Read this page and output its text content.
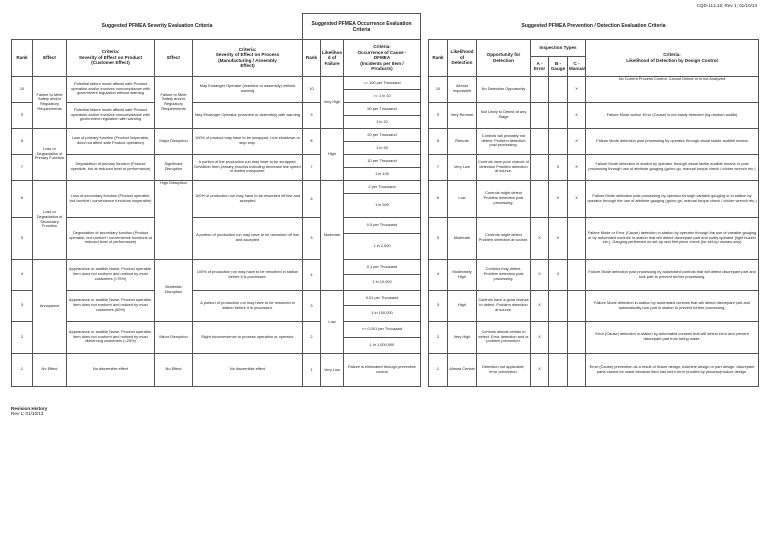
CQD-113.15; Rev 1; 01/10/13
Suggested PFMEA Severity Evaluation Criteria				
Rank	Effect	Criteria:
Severity of Effect on Product
(Customer Effect)	Effect	Criteria:
Severity of Effect on Process
(Manufacturing / Assembly
Effect)
10	Failure to Meet Safety and/or Regulatory Requirements	Potential failure mode affects safe Product operation and/or involves noncompliance with government regulation without warning	Failure to Meet Safety and/or Regulatory Requirements	May Endanger Operator (machine or assembly) without warning
9		Potential failure mode affects safe Product operation and/or involves noncompliance with government regulation with warning		May Endanger Operator (machine or assembly) with warning
8	Loss or Degradation of Primary Function	Loss of primary function (Product inoperable, does not affect safe Product operation)	Major Disruption	100% of product may have to be scrapped. Line shutdown or stop ship.
7		Degradation of primary function (Product operable, but at reduced level of performance)	Significant Disruption	A portion of the production run may have to be scrapped. Deviation from primary process including decrease line speed or added manpower.
6	Loss or Degradation of Secondary Function	Loss of secondary function (Product operable, but comfort / convenience functions inoperable)	High Disruption	100% of production run may have to be reworked off line and accepted
5		Degradation of secondary function (Product operable, but comfort / convenience functions at reduced level of performance)		A portion of production run may have to be reworked off line and accepted
4	Annoyance	Appearance or audible Noise, Product operable, item does not conform and noticed by most customers (>75%)	Moderate Disruption	100% of production run may have to be reworked in station before it is processed.
3		Appearance or audible Noise, Product operable, item does not conform and noticed by most customers (50%)		A portion of production run may have to be reworked in station before it is processed.
2		Appearance or audible Noise, Product operable, item does not conform and noticed by most discerning customers (<25%)	Minor Disruption	Slight inconvenience to process operation or operator.
1	No Effect	No discernible effect	No Effect	No discernible effect
Suggested PFMEA Occurrence Evaluation Criteria		
Rank	Likelihoo
d of
Failure	Criteria:
Occurrence of Cause -
DFMEA
(Incidents per Item /
Products)
10	Very High	>= 100 per Thousand
		>= 1 in 10
9		50 per Thousand
		1 in 20
8	High	20 per Thousand
		1 in 50
7		10 per Thousand
		1 in 100
6	Moderate	2 per Thousand
		1 in 500
5		0.5 per Thousand
		1 in 2,000
4		0.1 per Thousand
		1 in 10,000
3	Low	0.01 per Thousand
		1 in 100,000
2		<= 0.001 per Thousand
		1 in 1,000,000
1	Very Low	Failure is eliminated through preventive control
Suggested PFMEA Prevention / Detection Evaluation Criteria						
Rank	Likelihood
of
Detection	Opportunity for
Detection	Inspection Types			Criteria:
Likelihood of Detection by Design Control
			A -
Error	B -
Gauge	C -
Manual	
10	Almost Impossible	No Detection Opportunity			X	No Current Process Control; Cannot Detect or is not Analyzed
9	Very Remote	Not Likely to Detect at any Stage			X	Failure Mode and/or Error (Cause) is not easily detected (eg random audits)
8	Remote	Controls will probably not detect. Problem detection post processing.			X	Failure Mode detection post processing by operator through visual tactile audible means
7	Very Low	Controls have poor chance of detection Problem detection at source.		X	X	Failure Mode detection in-station by operator through visual tactile audible means or post processing through use of attribute gauging (go/no go, manual torque check / clicker wrench etc.)
6	Low	Controls might detect Problem detection post processing.		X	X	Failure Mode detection post processing by operator through variable gauging or in-station by operator through the use of attribute gauging (go/no go, manual torque check / clicker wrench etc.)
5	Moderate	Controls might detect Problem detection at source.	X	X		Failure Mode or Error (Cause) detection in-station by operator through the use of variable gauging or by automated controls in-station that will detect discrepant part and notify operator (light buzzer etc.). Gauging performed on set-up and first piece check (for set-up causes only)
4	Moderately High	Controls may detect. Problem detection post processing.	X	X		Failure Mode detection post processing by automated controls that will detect discrepant part and lock part to prevent further processing.
3	High	Controls have a good chance to detect. Problem detection at source.	X			Failure Mode detection in-station by automated controls that will detect discrepant part and automatically lock part in station to prevent further processing.
2	Very High	Controls almost certain to detect. Error detection and or problem prevention.	X			Error (Cause) detection in-station by automated controls that will detect error and prevent discrepant part from being made.
1	Almost Certain	Detection not applicable, error prevention.	X			Error (Cause) prevention as a result of fixture design, machine design or part design. discrepant parts cannot be made because item has been error proofed by process/product design.
Revision History
Rev 1; 01/10/13
